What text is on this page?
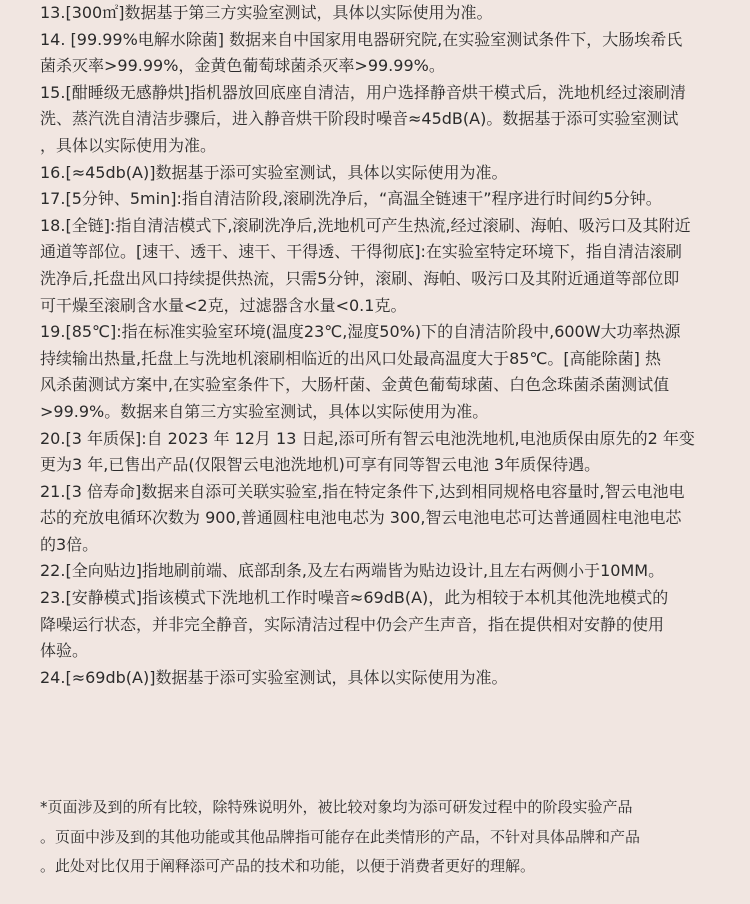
13.[300㎡]数据基于第三方实验室测试，具体以实际使用为准。
14. [99.99%电解水除菌] 数据来自中国家用电器研究院,在实验室测试条件下，大肠埃希氏
菌杀灭率>99.99%，金黄色葡萄球菌杀灭率>99.99%。
15.[酣睡级无感静烘]指机器放回底座自清洁，用户选择静音烘干模式后，洗地机经过滚刷清
洗、蒸汽洗自清洁步骤后，进入静音烘干阶段时噪音≈45dB(A)。数据基于添可实验室测试
，具体以实际使用为准。
16.[≈45db(A)]数据基于添可实验室测试，具体以实际使用为准。
17.[5分钟、5min]:指自清洁阶段,滚刷洗净后，“高温全链速干”程序进行时间约5分钟。
18.[全链]:指自清洁模式下,滚刷洗净后,洗地机可产生热流,经过滚刷、海帕、吸污口及其附近
通道等部位。[速干、透干、速干、干得透、干得彻底]:在实验室特定环境下，指自清洁滚刷
洗净后,托盘出风口持续提供热流，只需5分钟，滚刷、海帕、吸污口及其附近通道等部位即
可干燥至滚刷含水量<2克，过滤器含水量<0.1克。
19.[85℃]:指在标准实验室环境(温度23℃,湿度50%)下的自清洁阶段中,600W大功率热源
持续输出热量,托盘上与洗地机滚刷相临近的出风口处最高温度大于85℃。[高能除菌] 热
风杀菌测试方案中,在实验室条件下，大肠杆菌、金黄色葡萄球菌、白色念珠菌杀菌测试值
>99.9%。数据来自第三方实验室测试，具体以实际使用为准。
20.[3 年质保]:自 2023 年 12月 13 日起,添可所有智云电池洗地机,电池质保由原先的2 年变
更为3 年,已售出产品(仅限智云电池洗地机)可享有同等智云电池 3年质保待遇。
21.[3 倍寿命]数据来自添可关联实验室,指在特定条件下,达到相同规格电容量时,智云电池电
芯的充放电循环次数为 900,普通圆柱电池电芯为 300,智云电池电芯可达普通圆柱电池电芯
的3倍。
22.[全向贴边]指地刷前端、底部刮条,及左右两端皆为贴边设计,且左右两侧小于10MM。
23.[安静模式]指该模式下洗地机工作时噪音≈69dB(A)，此为相较于本机其他洗地模式的
降噪运行状态，并非完全静音，实际清洁过程中仍会产生声音，指在提供相对安静的使用
体验。
24.[≈69db(A)]数据基于添可实验室测试，具体以实际使用为准。
*页面涉及到的所有比较，除特殊说明外，被比较对象均为添可研发过程中的阶段实验产品
。页面中涉及到的其他功能或其他品牌指可能存在此类情形的产品，不针对具体品牌和产品
。此处对比仅用于阐释添可产品的技术和功能，以便于消费者更好的理解。
